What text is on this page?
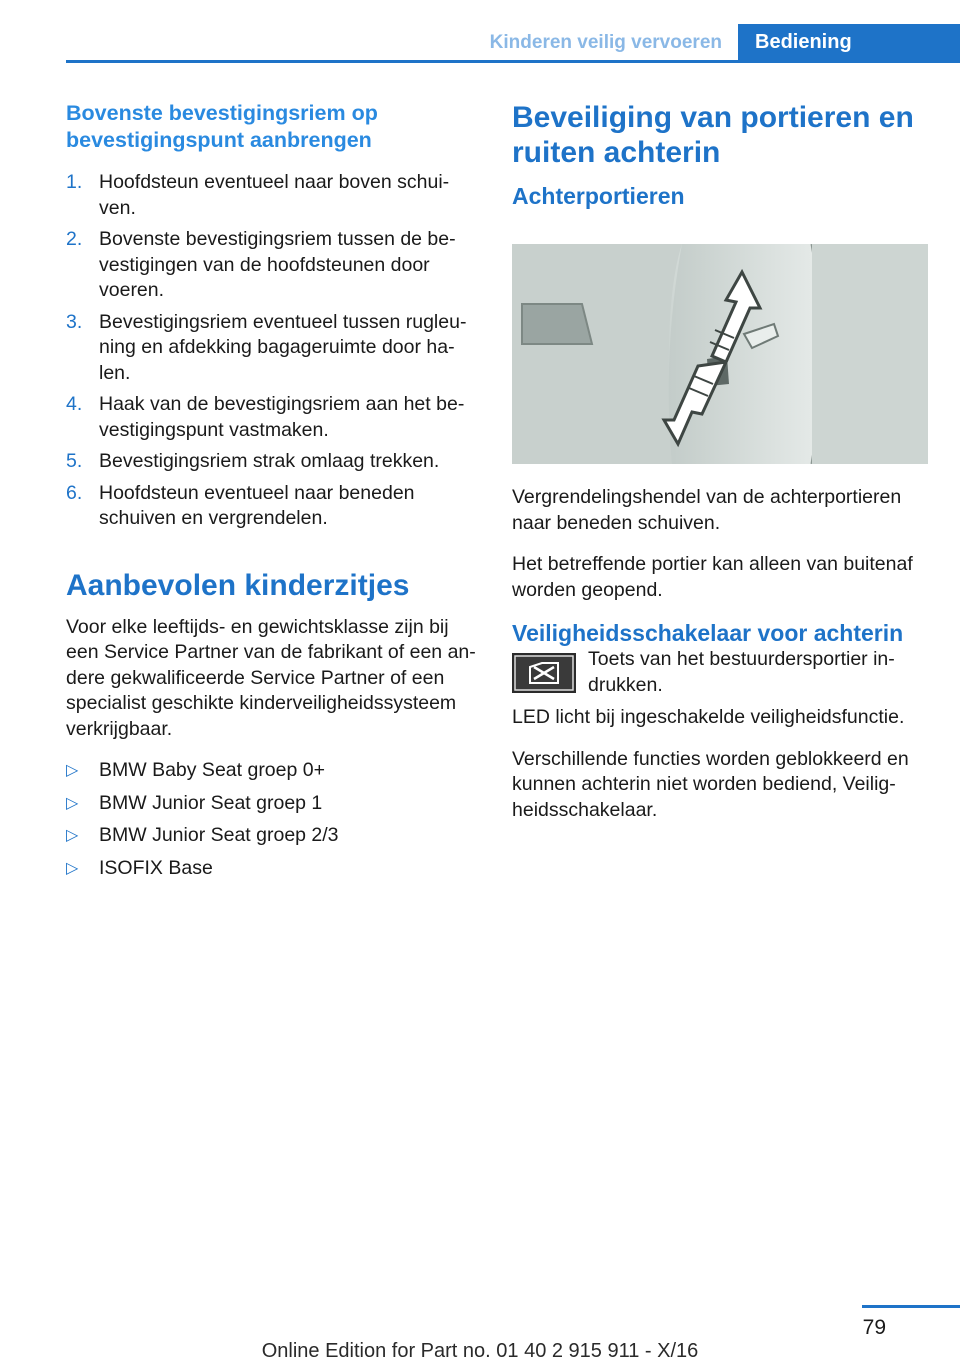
Kinderen veilig vervoeren	Bediening
Bovenste bevestigingsriem op bevestigingspunt aanbrengen
1. Hoofdsteun eventueel naar boven schuiven.
2. Bovenste bevestigingsriem tussen de bevestigingen van de hoofdsteunen door voeren.
3. Bevestigingsriem eventueel tussen rugleuning en afdekking bagageruimte door halen.
4. Haak van de bevestigingsriem aan het bevestigingspunt vastmaken.
5. Bevestigingsriem strak omlaag trekken.
6. Hoofdsteun eventueel naar beneden schuiven en vergrendelen.
Aanbevolen kinderzitjes
Voor elke leeftijds- en gewichtsklasse zijn bij een Service Partner van de fabrikant of een andere gekwalificeerde Service Partner of een specialist geschikte kinderveiligheidssysteem verkrijgbaar.
▷ BMW Baby Seat groep 0+
▷ BMW Junior Seat groep 1
▷ BMW Junior Seat groep 2/3
▷ ISOFIX Base
Beveiliging van portieren en ruiten achterin
Achterportieren
Vergrendelingshendel van de achterportieren naar beneden schuiven.
Het betreffende portier kan alleen van buitenaf worden geopend.
Veiligheidsschakelaar voor achterin
Toets van het bestuurdersportier indrukken.
LED licht bij ingeschakelde veiligheidsfunctie.
Verschillende functies worden geblokkeerd en kunnen achterin niet worden bediend, Veiligheidsschakelaar.
79
Online Edition for Part no. 01 40 2 915 911 - X/16
